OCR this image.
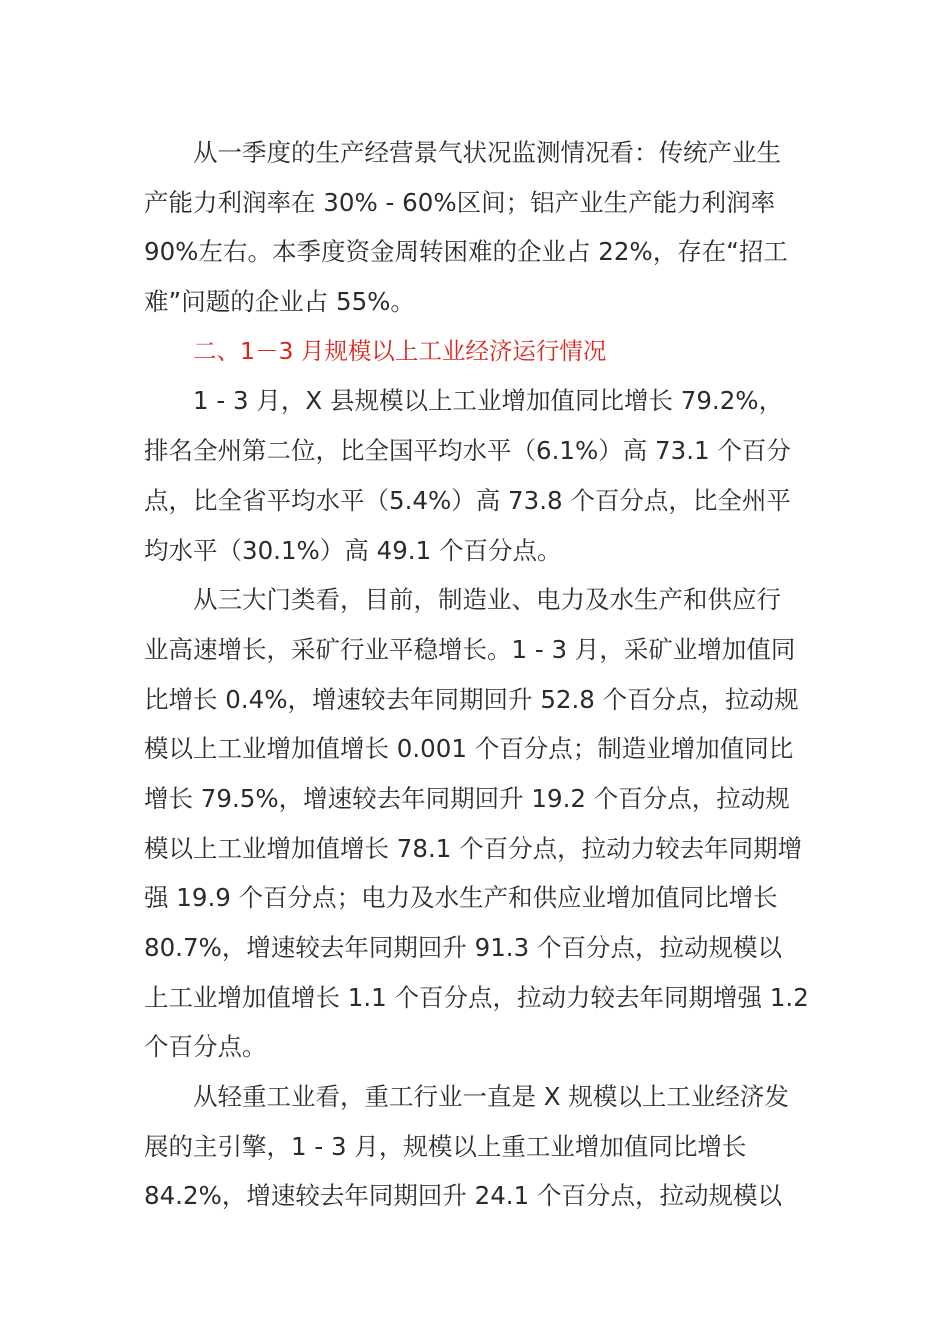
从一季度的生产经营景气状况监测情况看：传统产业生
产能力利润率在 30% - 60%区间；铝产业生产能力利润率
90%左右。本季度资金周转困难的企业占 22%，存在“招工
难”问题的企业占 55%。
二、1－3 月规模以上工业经济运行情况
1 - 3 月，X 县规模以上工业增加值同比增长 79.2%，
排名全州第二位，比全国平均水平（6.1%）高 73.1 个百分
点，比全省平均水平（5.4%）高 73.8 个百分点，比全州平
均水平（30.1%）高 49.1 个百分点。
从三大门类看，目前，制造业、电力及水生产和供应行
业高速增长，采矿行业平稳增长。1 - 3 月，采矿业增加值同
比增长 0.4%，增速较去年同期回升 52.8 个百分点，拉动规
模以上工业增加值增长 0.001 个百分点；制造业增加值同比
增长 79.5%，增速较去年同期回升 19.2 个百分点，拉动规
模以上工业增加值增长 78.1 个百分点，拉动力较去年同期增
强 19.9 个百分点；电力及水生产和供应业增加值同比增长
80.7%，增速较去年同期回升 91.3 个百分点，拉动规模以
上工业增加值增长 1.1 个百分点，拉动力较去年同期增强 1.2
个百分点。
从轻重工业看，重工行业一直是 X 规模以上工业经济发
展的主引擎，1 - 3 月，规模以上重工业增加值同比增长
84.2%，增速较去年同期回升 24.1 个百分点，拉动规模以
